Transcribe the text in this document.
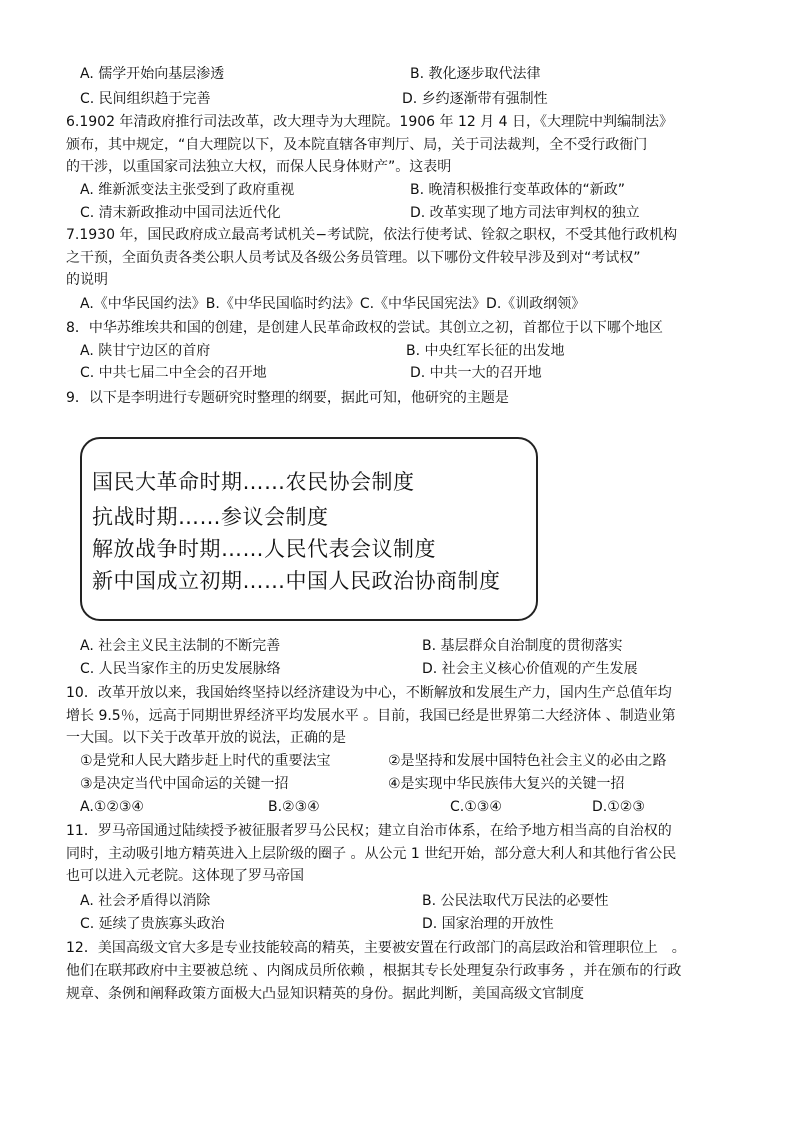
A. 儒学开始向基层渗透	B. 教化逐步取代法律
C. 民间组织趋于完善	D. 乡约逐渐带有强制性
6.1902 年清政府推行司法改革，改大理寺为大理院。1906 年 12 月 4 日，《大理院中判编制法》
颁布，其中规定，“自大理院以下，及本院直辖各审判厅、局，关于司法裁判，全不受行政衙门
的干涉，以重国家司法独立大权，而保人民身体财产”。这表明
A. 维新派变法主张受到了政府重视	B. 晚清积极推行变革政体的“新政”
C. 清末新政推动中国司法近代化	D. 改革实现了地方司法审判权的独立
7.1930 年，国民政府成立最高考试机关−考试院，依法行使考试、铨叙之职权，不受其他行政机构
之干预，全面负责各类公职人员考试及各级公务员管理。以下哪份文件较早涉及到对“考试权”
的说明
A.《中华民国约法》B.《中华民国临时约法》C.《中华民国宪法》D.《训政纲领》
8．中华苏维埃共和国的创建，是创建人民革命政权的尝试。其创立之初，首都位于以下哪个地区
A. 陕甘宁边区的首府	B. 中央红军长征的出发地
C. 中共七届二中全会的召开地	D. 中共一大的召开地
9．以下是李明进行专题研究时整理的纲要，据此可知，他研究的主题是
国民大革命时期……农民协会制度
抗战时期……参议会制度
解放战争时期……人民代表会议制度
新中国成立初期……中国人民政治协商制度
A. 社会主义民主法制的不断完善	B. 基层群众自治制度的贯彻落实
C. 人民当家作主的历史发展脉络	D. 社会主义核心价值观的产生发展
10．改革开放以来，我国始终坚持以经济建设为中心，不断解放和发展生产力，国内生产总值年均
增长 9.5％，远高于同期世界经济平均发展水平 。目前，我国已经是世界第二大经济体 、制造业第
一大国。以下关于改革开放的说法，正确的是
①是党和人民大踏步赶上时代的重要法宝	②是坚持和发展中国特色社会主义的必由之路
③是决定当代中国命运的关键一招	④是实现中华民族伟大复兴的关键一招
A.①②③④	B.②③④	C.①③④	D.①②③
11．罗马帝国通过陆续授予被征服者罗马公民权；建立自治市体系，在给予地方相当高的自治权的
同时，主动吸引地方精英进入上层阶级的圈子 。从公元 1 世纪开始，部分意大利人和其他行省公民
也可以进入元老院。这体现了罗马帝国
A. 社会矛盾得以消除	B. 公民法取代万民法的必要性
C. 延续了贵族寡头政治	D. 国家治理的开放性
12．美国高级文官大多是专业技能较高的精英，主要被安置在行政部门的高层政治和管理职位上　。
他们在联邦政府中主要被总统 、内阁成员所依赖 ，根据其专长处理复杂行政事务 ，并在颁布的行政
规章、条例和阐释政策方面极大凸显知识精英的身份。据此判断，美国高级文官制度
